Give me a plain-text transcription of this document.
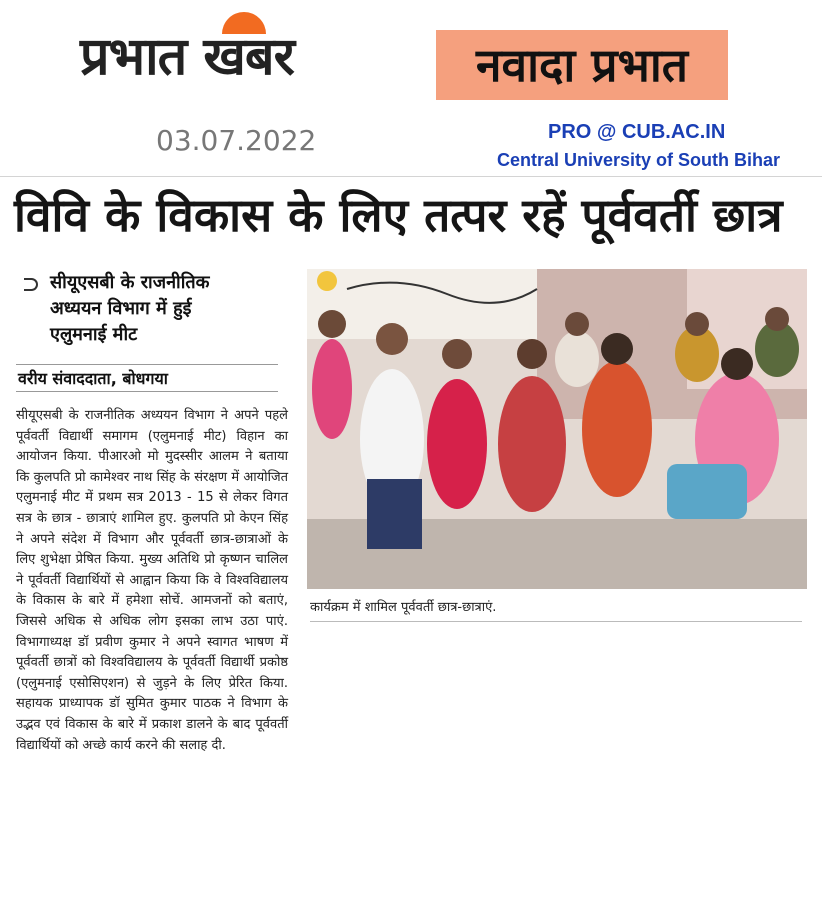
प्रभात खबर	नवादा प्रभात
03.07.2022	PRO @ CUB.AC.IN
Central University of South Bihar
विवि के विकास के लिए तत्पर रहें पूर्ववर्ती छात्र
सीयूएसबी के राजनीतिक
अध्ययन विभाग में हुई
एलुमनाई मीट
वरीय संवाददाता, बोधगया

सीयूएसबी के राजनीतिक अध्ययन विभाग ने अपने पहले पूर्ववर्ती विद्यार्थी समागम (एलुमनाई मीट) विहान का आयोजन किया. पीआरओ मो मुदस्सीर आलम ने बताया कि कुलपति प्रो कामेश्वर नाथ सिंह के संरक्षण में आयोजित एलुमनाई मीट में प्रथम सत्र 2013 - 15 से लेकर विगत सत्र के छात्र - छात्राएं शामिल हुए. कुलपति प्रो केएन सिंह ने अपने संदेश में विभाग और पूर्ववर्ती छात्र-छात्राओं के लिए शुभेक्षा प्रेषित किया. मुख्य अतिथि प्रो कृष्णन चालिल ने पूर्ववर्ती विद्यार्थियों से आह्वान किया कि वे विश्वविद्यालय के विकास के बारे में हमेशा सोचें. आमजनों को बताएं, जिससे अधिक से अधिक लोग इसका लाभ उठा पाएं. विभागाध्यक्ष डॉ प्रवीण कुमार ने अपने स्वागत भाषण में पूर्ववर्ती छात्रों को विश्वविद्यालय के पूर्ववर्ती विद्यार्थी प्रकोष्ठ (एलुमनाई एसोसिएशन) से जुड़ने के लिए प्रेरित किया. सहायक प्राध्यापक डॉ सुमित कुमार पाठक ने विभाग के उद्भव एवं विकास के बारे में प्रकाश डालने के बाद पूर्ववर्ती विद्यार्थियों को अच्छे कार्य करने की सलाह दी.

कार्यक्रम में शामिल पूर्ववर्ती छात्र-छात्राएं.
